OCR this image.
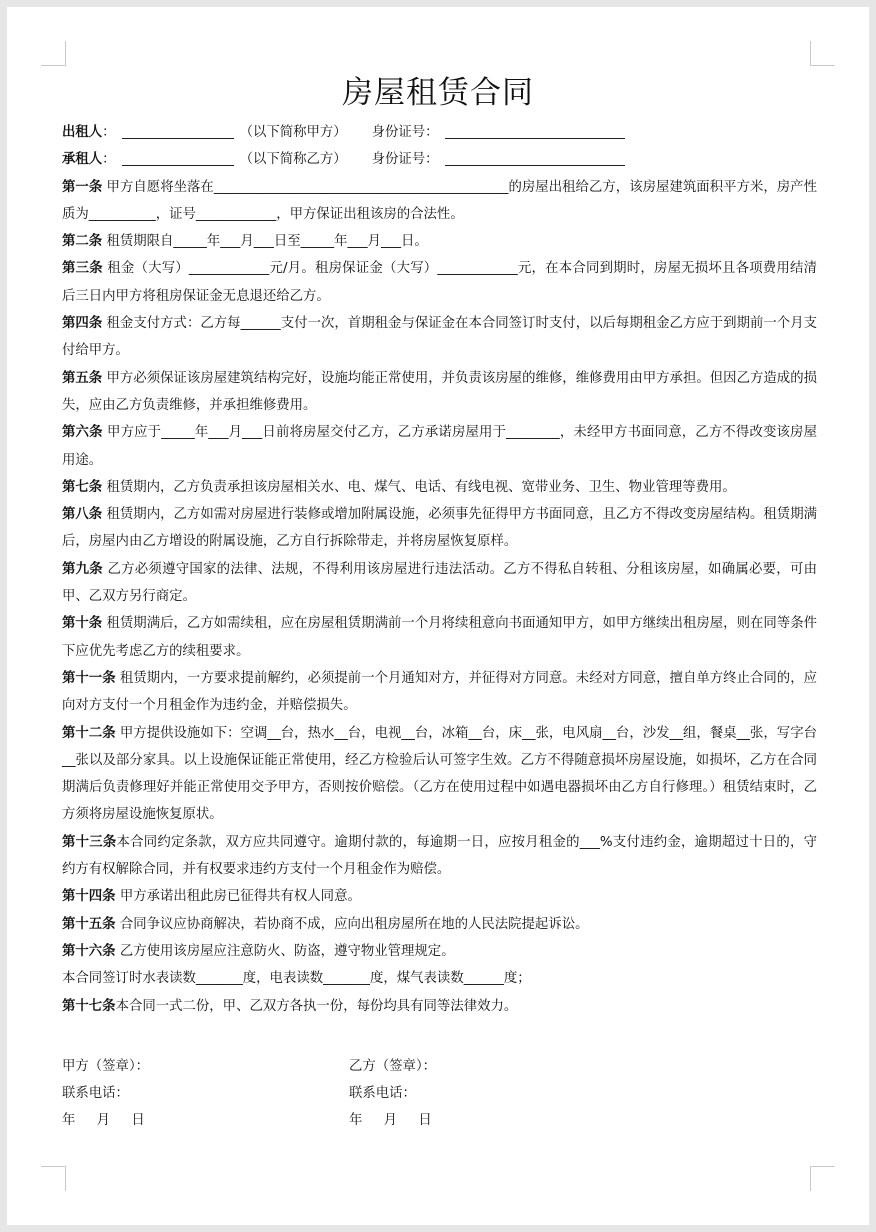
房屋租赁合同
出租人：	（以下简称甲方） 身份证号：
承租人：	（以下简称乙方） 身份证号：
第一条 甲方自愿将坐落在____________________________________________的房屋出租给乙方，该房屋建筑面积平方米，房产性质为__________，证号____________，甲方保证出租该房的合法性。
第二条 租赁期限自_____年___月___日至_____年___月___日。
第三条 租金（大写）____________元/月。租房保证金（大写）____________元，在本合同到期时，房屋无损坏且各项费用结清后三日内甲方将租房保证金无息退还给乙方。
第四条 租金支付方式：乙方每______支付一次，首期租金与保证金在本合同签订时支付，以后每期租金乙方应于到期前一个月支付给甲方。
第五条 甲方必须保证该房屋建筑结构完好，设施均能正常使用，并负责该房屋的维修，维修费用由甲方承担。但因乙方造成的损失，应由乙方负责维修，并承担维修费用。
第六条 甲方应于_____年___月___日前将房屋交付乙方，乙方承诺房屋用于________，未经甲方书面同意，乙方不得改变该房屋用途。
第七条 租赁期内，乙方负责承担该房屋相关水、电、煤气、电话、有线电视、宽带业务、卫生、物业管理等费用。
第八条 租赁期内，乙方如需对房屋进行装修或增加附属设施，必须事先征得甲方书面同意，且乙方不得改变房屋结构。租赁期满后，房屋内由乙方增设的附属设施，乙方自行拆除带走，并将房屋恢复原样。
第九条 乙方必须遵守国家的法律、法规，不得利用该房屋进行违法活动。乙方不得私自转租、分租该房屋，如确属必要，可由甲、乙双方另行商定。
第十条 租赁期满后，乙方如需续租，应在房屋租赁期满前一个月将续租意向书面通知甲方，如甲方继续出租房屋，则在同等条件下应优先考虑乙方的续租要求。
第十一条 租赁期内，一方要求提前解约，必须提前一个月通知对方，并征得对方同意。未经对方同意，擅自单方终止合同的，应向对方支付一个月租金作为违约金，并赔偿损失。
第十二条 甲方提供设施如下：空调__台，热水__台，电视__台，冰箱__台，床__张，电风扇__台，沙发__组，餐桌__张，写字台__张以及部分家具。以上设施保证能正常使用，经乙方检验后认可签字生效。乙方不得随意损坏房屋设施，如损坏，乙方在合同期满后负责修理好并能正常使用交予甲方，否则按价赔偿。（乙方在使用过程中如遇电器损坏由乙方自行修理。）租赁结束时，乙方须将房屋设施恢复原状。
第十三条本合同约定条款，双方应共同遵守。逾期付款的，每逾期一日，应按月租金的___%支付违约金，逾期超过十日的，守约方有权解除合同，并有权要求违约方支付一个月租金作为赔偿。
第十四条 甲方承诺出租此房已征得共有权人同意。
第十五条 合同争议应协商解决，若协商不成，应向出租房屋所在地的人民法院提起诉讼。
第十六条 乙方使用该房屋应注意防火、防盗，遵守物业管理规定。
本合同签订时水表读数_______度，电表读数_______度，煤气表读数______度；
第十七条本合同一式二份，甲、乙双方各执一份，每份均具有同等法律效力。
甲方（签章）：	乙方（签章）：
联系电话：	联系电话：
年     月     日	年     月     日
